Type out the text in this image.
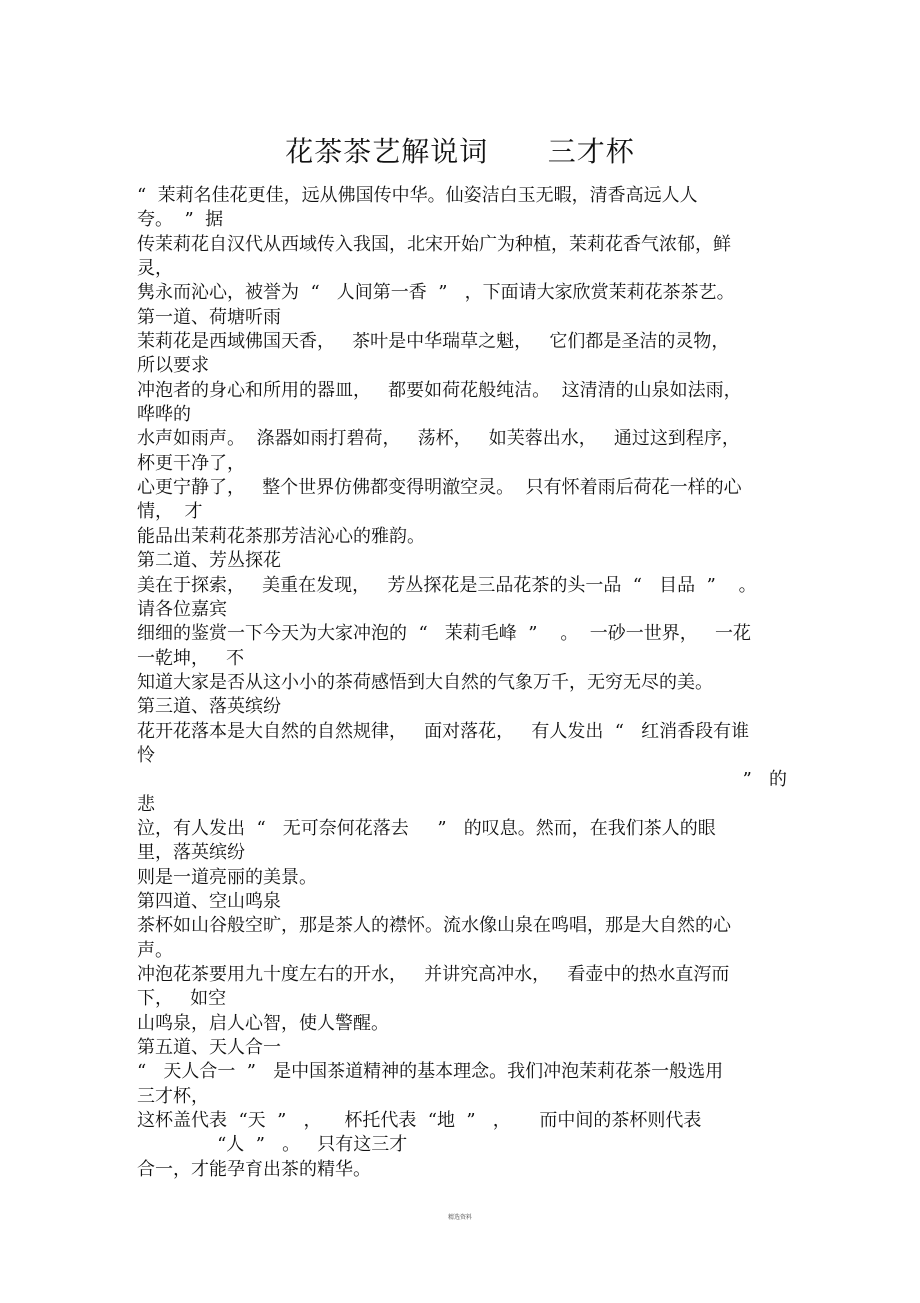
花茶茶艺解说词      三才杯
“  茉莉名佳花更佳，远从佛国传中华。仙姿洁白玉无暇，清香高远人人
夸。  ”  据
传茉莉花自汉代从西域传入我国，北宋开始广为种植，茉莉花香气浓郁，鲜
灵，
隽永而沁心，被誉为  “   人间第一香  ”   ，下面请大家欣赏茉莉花茶茶艺。
第一道、荷塘听雨
茉莉花是西域佛国天香，   茶叶是中华瑞草之魁，   它们都是圣洁的灵物，
所以要求
冲泡者的身心和所用的器皿，   都要如荷花般纯洁。  这清清的山泉如法雨，
哗哗的
水声如雨声。  涤器如雨打碧荷，   荡杯，   如芙蓉出水，   通过这到程序，
杯更干净了，
心更宁静了，   整个世界仿佛都变得明澈空灵。  只有怀着雨后荷花一样的心
情，  才
能品出茉莉花茶那芳洁沁心的雅韵。
第二道、芳丛探花
美在于探索，   美重在发现，   芳丛探花是三品花茶的头一品  “   目品  ”    。
请各位嘉宾
细细的鉴赏一下今天为大家冲泡的  “   茉莉毛峰  ”    。  一砂一世界，   一花
一乾坤，   不
知道大家是否从这小小的茶荷感悟到大自然的气象万千，无穷无尽的美。
第三道、落英缤纷
花开花落本是大自然的自然规律，   面对落花，   有人发出  “   红消香段有谁
怜
”   的
悲
泣，有人发出  “   无可奈何花落去     ”   的叹息。然而，在我们茶人的眼
里，落英缤纷
则是一道亮丽的美景。
第四道、空山鸣泉
茶杯如山谷般空旷，那是茶人的襟怀。流水像山泉在鸣唱，那是大自然的心
声。
冲泡花茶要用九十度左右的开水，   并讲究高冲水，   看壶中的热水直泻而
下，   如空
山鸣泉，启人心智，使人警醒。
第五道、天人合一
“   天人合一  ”   是中国茶道精神的基本理念。我们冲泡茉莉花茶一般选用
三才杯，
这杯盖代表  “天  ”   ，    杯托代表  “地  ”   ，     而中间的茶杯则代表
“人  ”   。   只有这三才
合一，才能孕育出茶的精华。
精选资料
